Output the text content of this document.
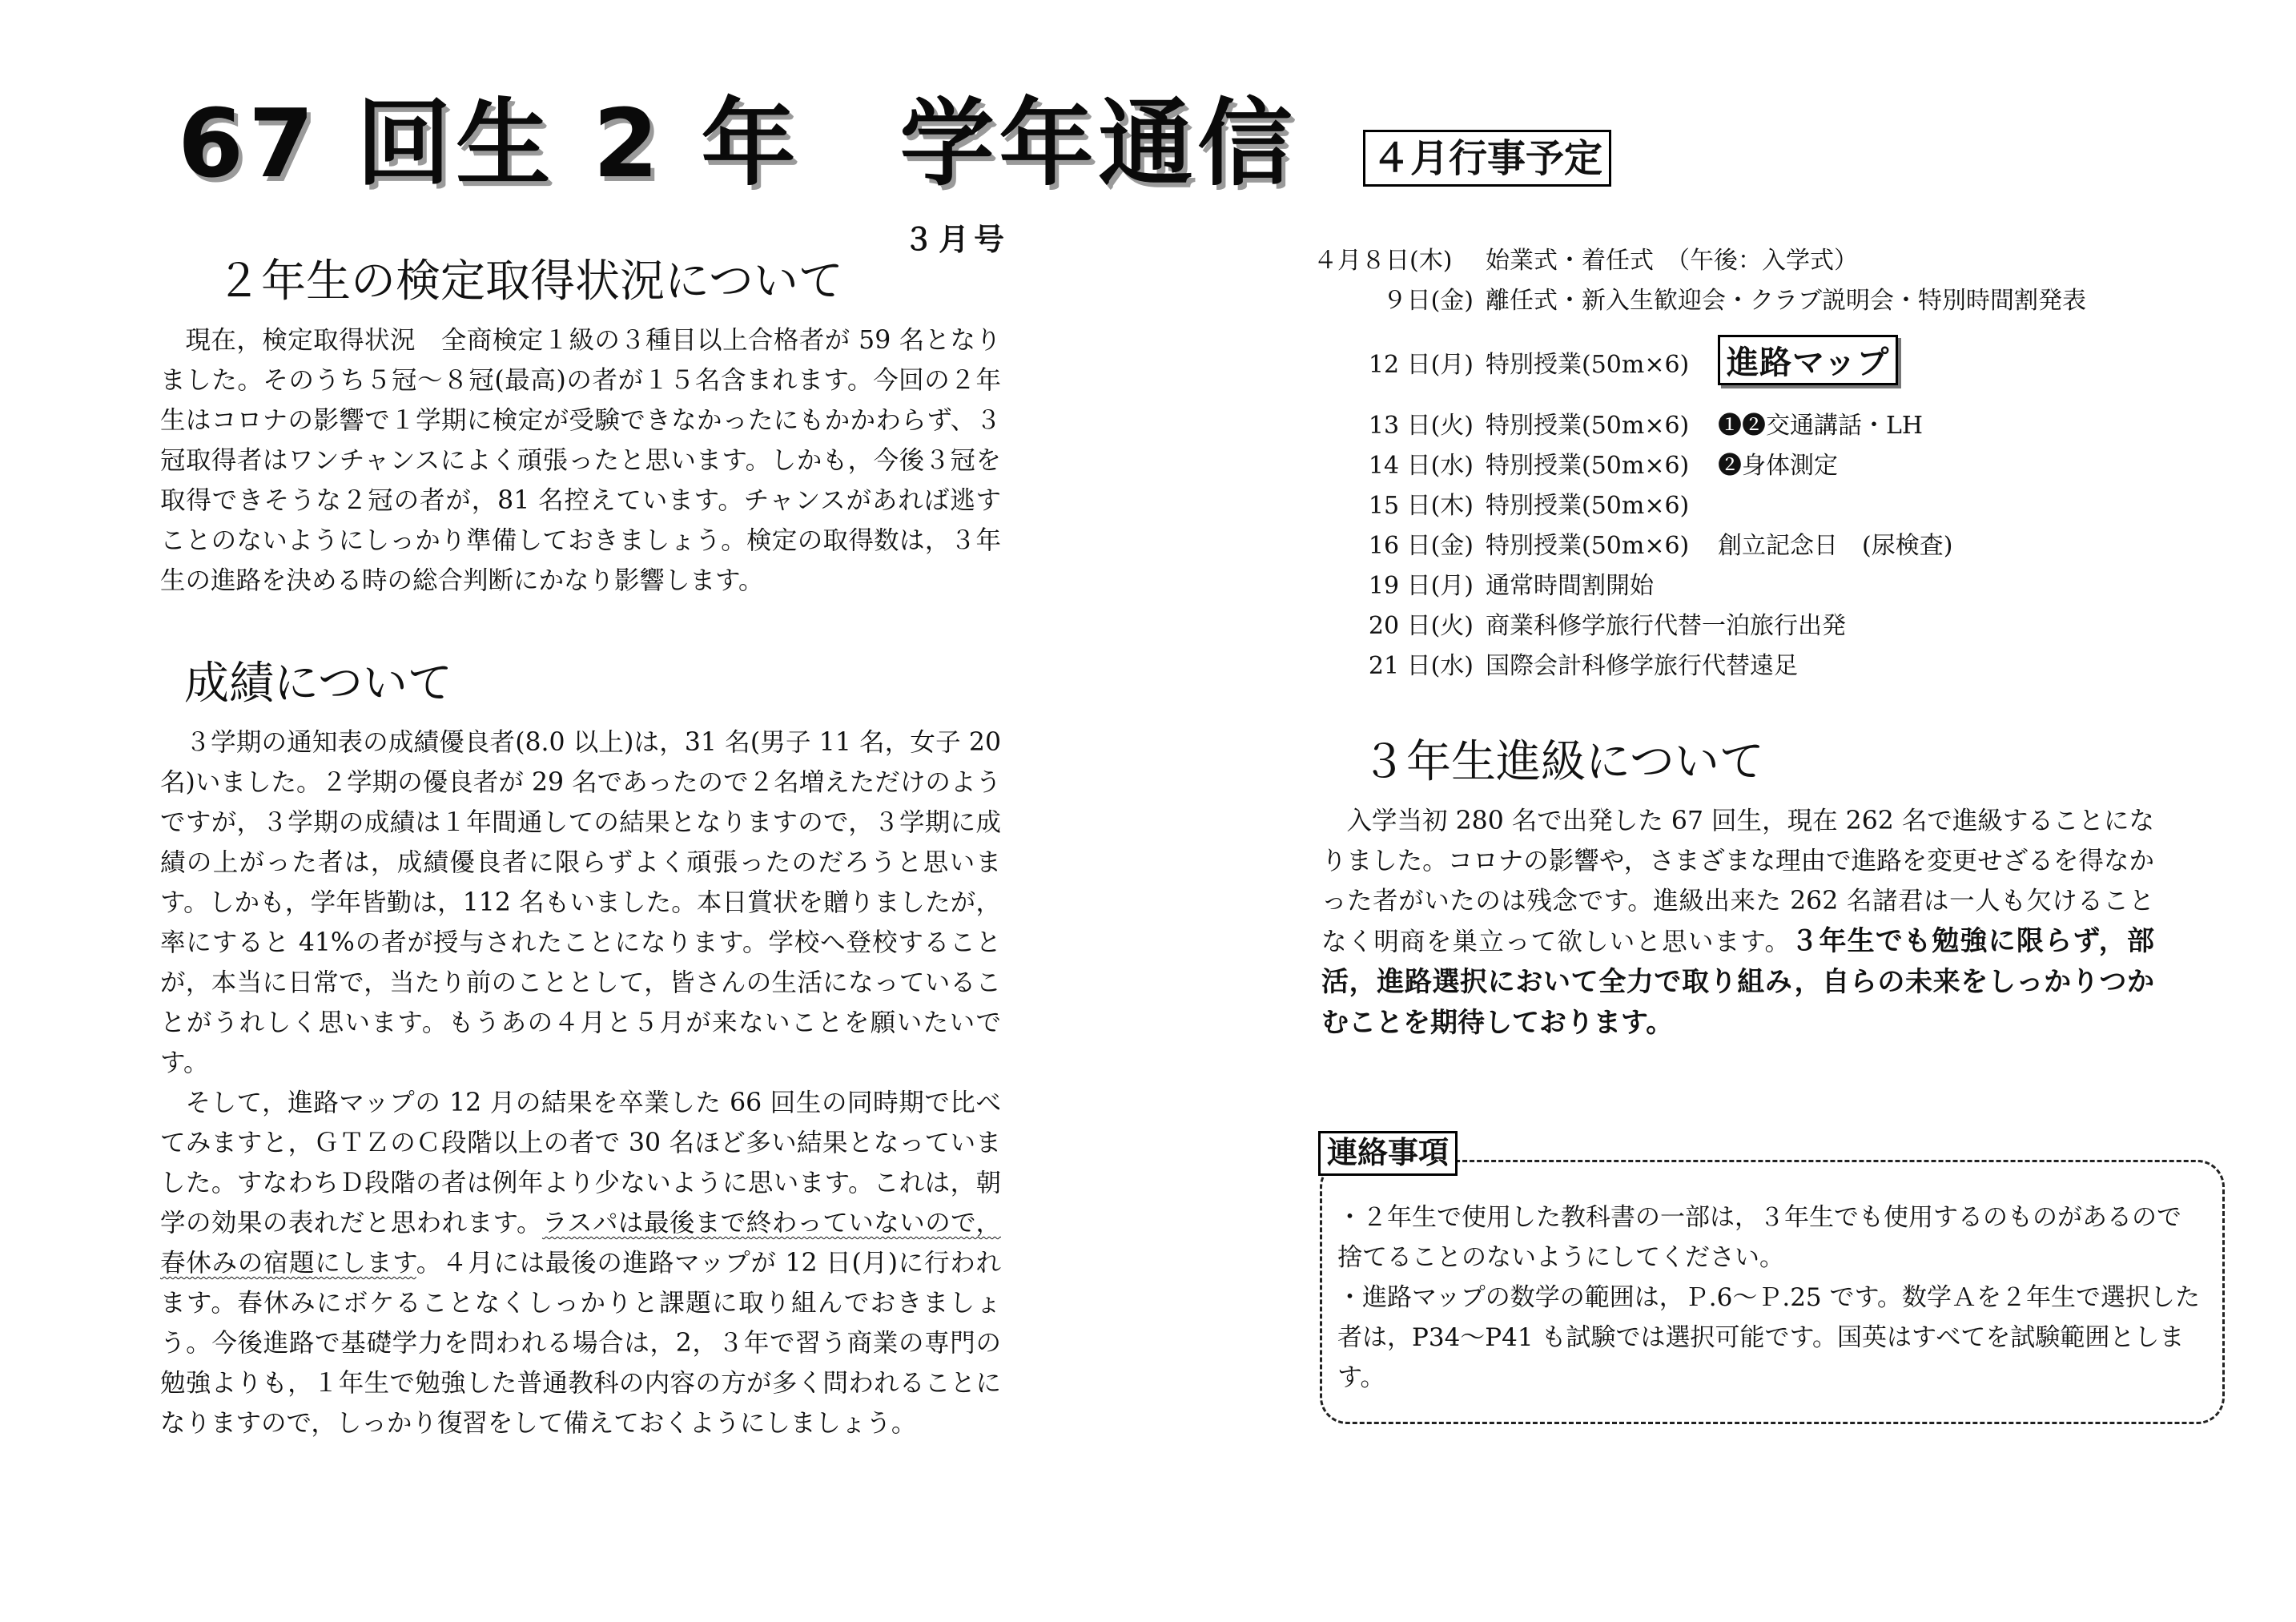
67 回生 2 年　学年通信
３月号
２年生の検定取得状況について

現在，検定取得状況　全商検定１級の３種目以上合格者が 59 名となりました。そのうち５冠～８冠(最高)の者が１５名含まれます。今回の２年生はコロナの影響で１学期に検定が受験できなかったにもかかわらず、３冠取得者はワンチャンスによく頑張ったと思います。しかも，今後３冠を取得できそうな２冠の者が，81 名控えています。チャンスがあれば逃すことのないようにしっかり準備しておきましょう。検定の取得数は，３年生の進路を決める時の総合判断にかなり影響します。

成績について

３学期の通知表の成績優良者(8.0 以上)は，31 名(男子 11 名，女子 20 名)いました。２学期の優良者が 29 名であったので２名増えただけのようですが，３学期の成績は１年間通しての結果となりますので，３学期に成績の上がった者は，成績優良者に限らずよく頑張ったのだろうと思います。しかも，学年皆勤は，112 名もいました。本日賞状を贈りましたが，率にすると 41%の者が授与されたことになります。学校へ登校することが，本当に日常で，当たり前のこととして，皆さんの生活になっていることがうれしく思います。もうあの４月と５月が来ないことを願いたいです。

そして，進路マップの 12 月の結果を卒業した 66 回生の同時期で比べてみますと，ＧＴＺのＣ段階以上の者で 30 名ほど多い結果となっていました。すなわちＤ段階の者は例年より少ないように思います。これは，朝学の効果の表れだと思われます。ラスパは最後まで終わっていないので，春休みの宿題にします。４月には最後の進路マップが 12 日(月)に行われます。春休みにボケることなくしっかりと課題に取り組んでおきましょう。今後進路で基礎学力を問われる場合は，2，３年で習う商業の専門の勉強よりも，１年生で勉強した普通教科の内容の方が多く問われることになりますので，しっかり復習をして備えておくようにしましょう。

４月行事予定
４月８日(木) 始業式・着任式　（午後：入学式）
９日(金) 離任式・新入生歓迎会・クラブ説明会・特別時間割発表
12 日(月) 特別授業(50m×6) 進路マップ
13 日(火) 特別授業(50m×6) ❶❷交通講話・LH
14 日(水) 特別授業(50m×6) ❷身体測定
15 日(木) 特別授業(50m×6)
16 日(金) 特別授業(50m×6) 創立記念日　(尿検査)
19 日(月) 通常時間割開始
20 日(火) 商業科修学旅行代替一泊旅行出発
21 日(水) 国際会計科修学旅行代替遠足
３年生進級について

入学当初 280 名で出発した 67 回生，現在 262 名で進級することになりました。コロナの影響や，さまざまな理由で進路を変更せざるを得なかった者がいたのは残念です。進級出来た 262 名諸君は一人も欠けることなく明商を巣立って欲しいと思います。３年生でも勉強に限らず，部活，進路選択において全力で取り組み，自らの未来をしっかりつかむことを期待しております。

連絡事項

・２年生で使用した教科書の一部は，３年生でも使用するのものがあるので捨てることのないようにしてください。

・進路マップの数学の範囲は，Ｐ.6～Ｐ.25 です。数学Ａを２年生で選択した者は，P34～P41 も試験では選択可能です。国英はすべてを試験範囲とします。
